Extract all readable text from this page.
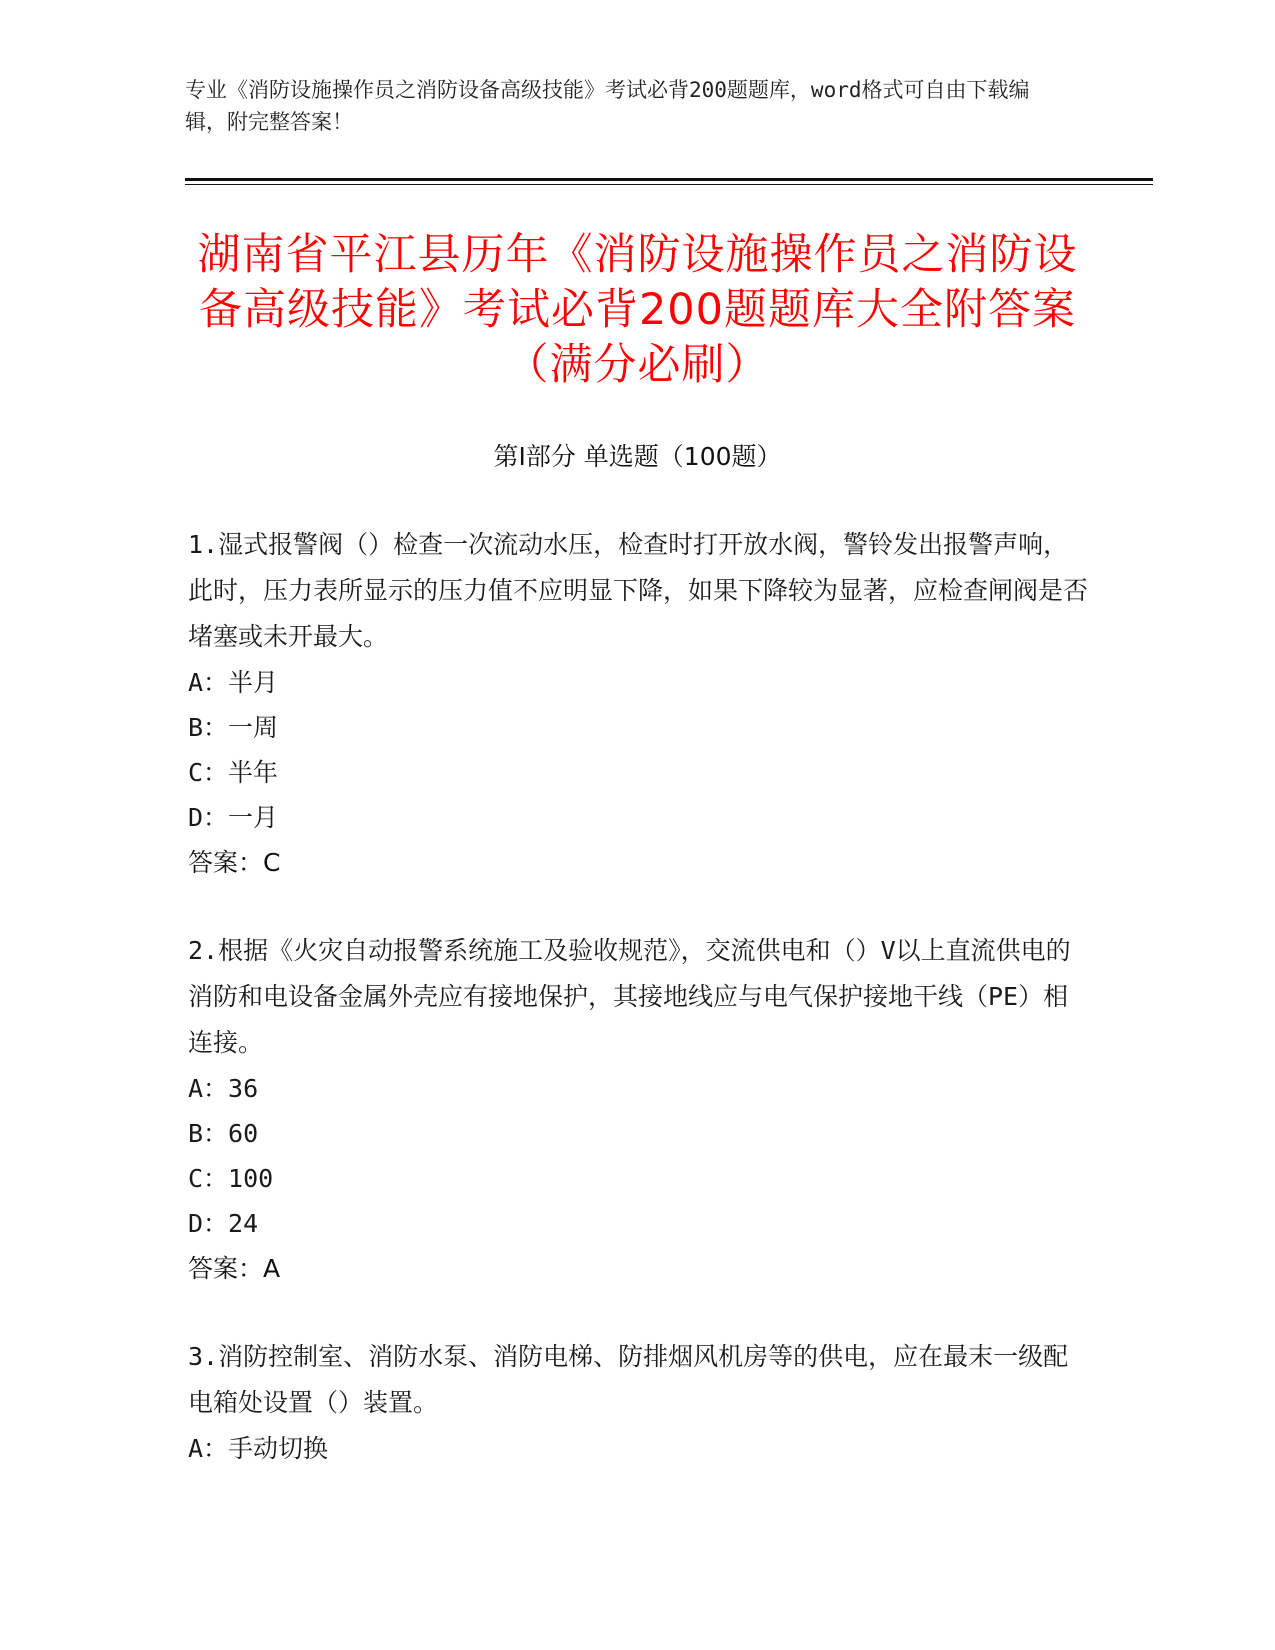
专业《消防设施操作员之消防设备高级技能》考试必背200题题库，word格式可自由下载编辑，附完整答案！
湖南省平江县历年《消防设施操作员之消防设备高级技能》考试必背200题题库大全附答案（满分必刷）
第Ⅰ部分 单选题（100题）

1.湿式报警阀（）检查一次流动水压，检查时打开放水阀，警铃发出报警声响，此时，压力表所显示的压力值不应明显下降，如果下降较为显著，应检查闸阀是否堵塞或未开最大。

A：半月

B：一周

C：半年

D：一月

答案：C

2.根据《火灾自动报警系统施工及验收规范》，交流供电和（）V以上直流供电的消防和电设备金属外壳应有接地保护，其接地线应与电气保护接地干线（PE）相连接。

A：36

B：60

C：100

D：24

答案：A

3.消防控制室、消防水泵、消防电梯、防排烟风机房等的供电，应在最末一级配电箱处设置（）装置。

A：手动切换
